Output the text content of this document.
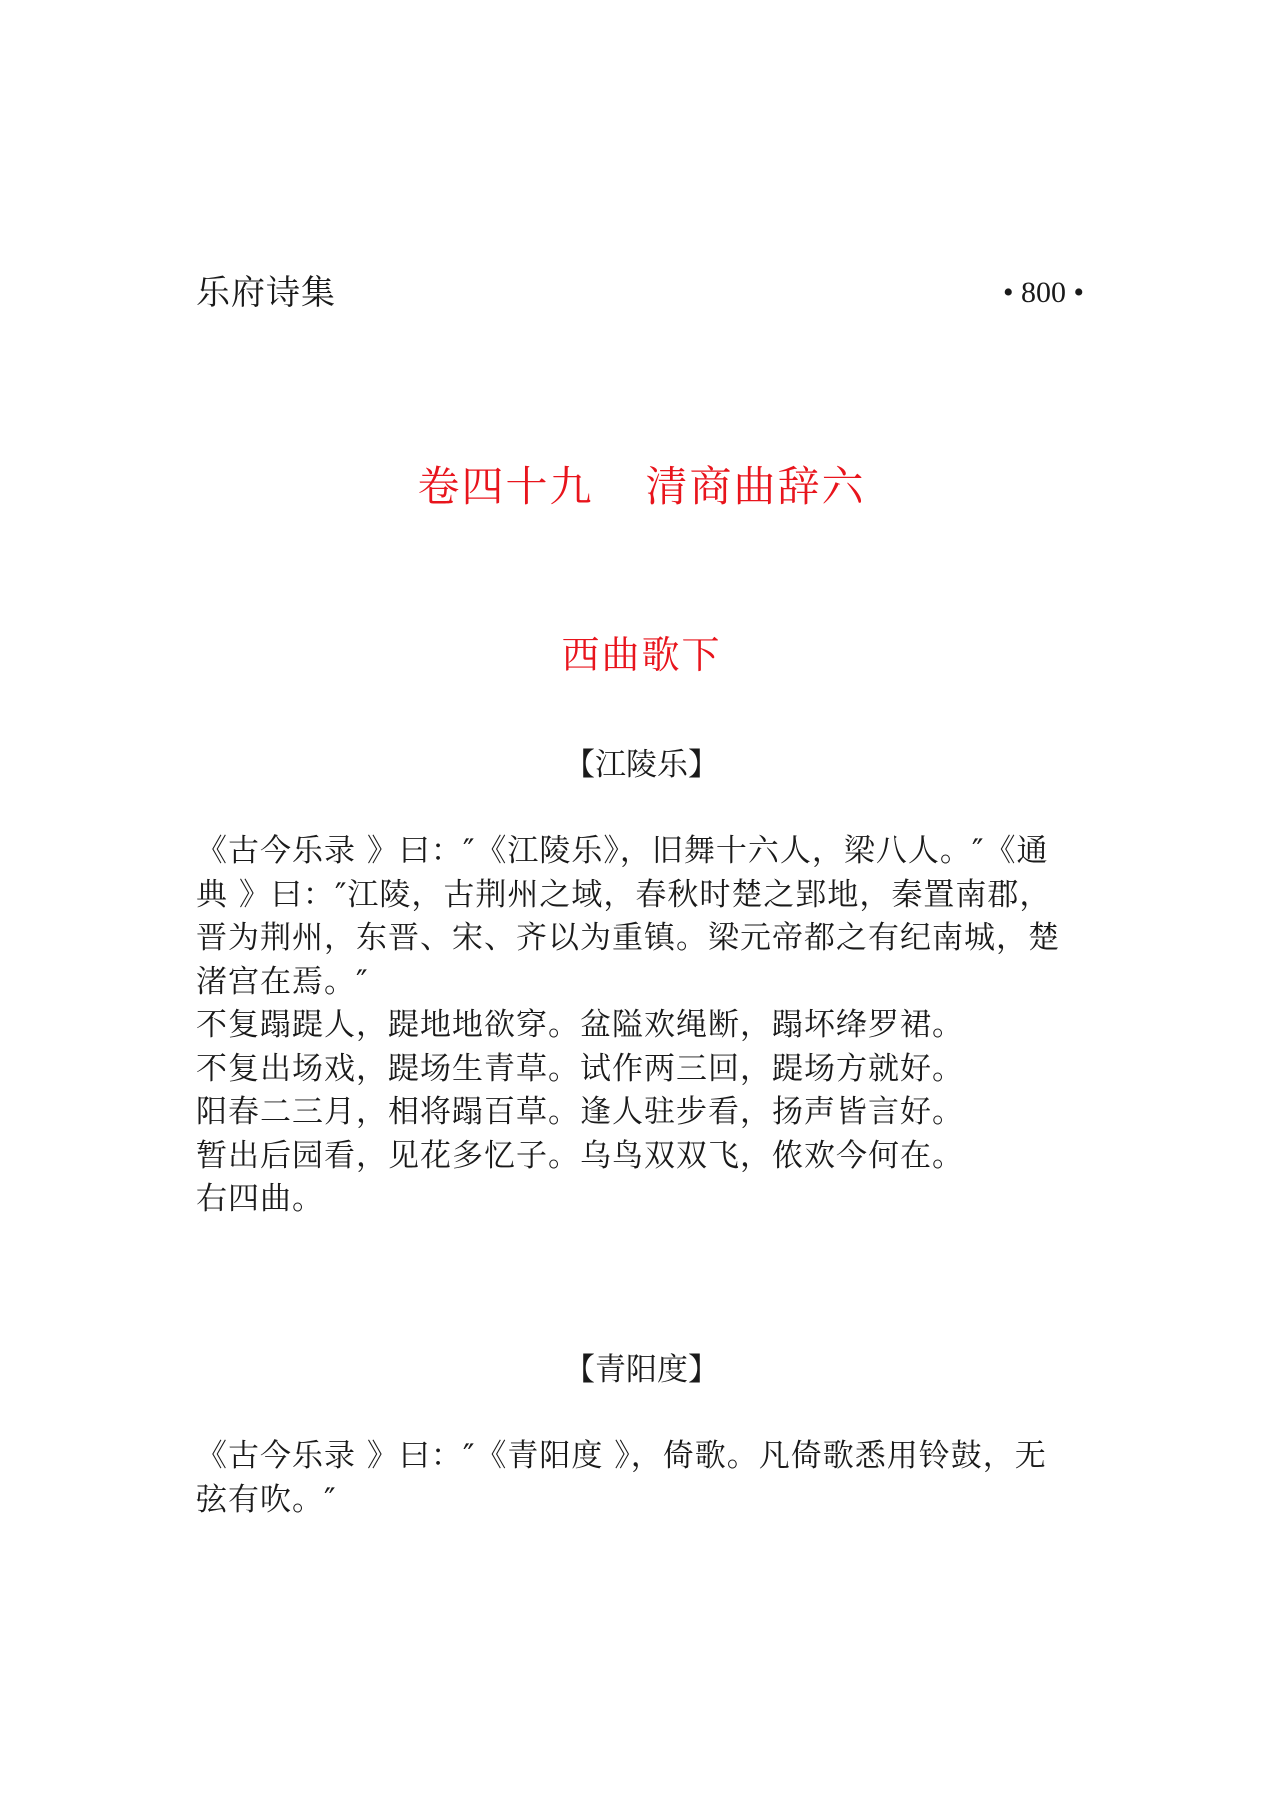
乐府诗集	• 800 •
卷四十九 清商曲辞六
西曲歌下
【江陵乐】

《古今乐录 》曰：″《江陵乐》，旧舞十六人，梁八人。″《通

典 》曰：″江陵，古荆州之域，春秋时楚之郢地，秦置南郡，

晋为荆州，东晋、宋、齐以为重镇。梁元帝都之有纪南城，楚

渚宫在焉。″

不复蹋踶人，踶地地欲穿。盆隘欢绳断，蹋坏绛罗裙。

不复出场戏，踶场生青草。试作两三回，踶场方就好。

阳春二三月，相将蹋百草。逢人驻步看，扬声皆言好。

暂出后园看，见花多忆子。乌鸟双双飞，侬欢今何在。

右四曲。

【青阳度】

《古今乐录 》曰：″《青阳度 》，倚歌。凡倚歌悉用铃鼓，无

弦有吹。″
